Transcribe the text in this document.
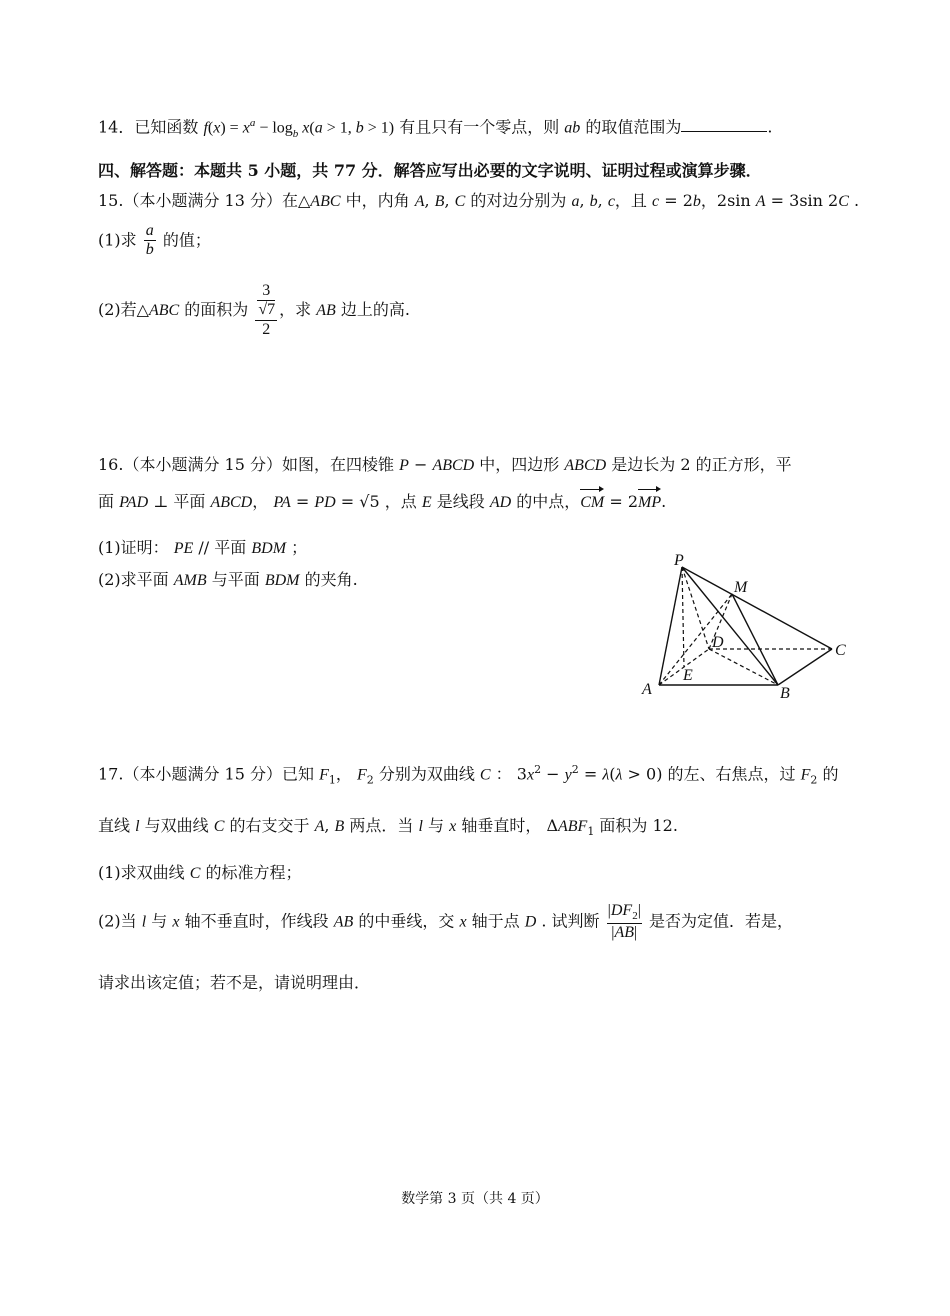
14．已知函数 $f(x) = x^a - \log_b x(a > 1$, b > 1) 有且只有一个零点，则 ab 的取值范围为	.
四、解答题：本题共 5 小题，共 77 分．解答应写出必要的文字说明、证明过程或演算步骤．
15.（本小题满分 13 分）在△ABC 中，内角 A, B, C 的对边分别为 a, b, c，且 c = 2b，2sin A = 3sin 2C .
(1)求 $\frac{a}{b}$ 的值；
(2)若△ABC 的面积为 3
√7
2 ，求 AB 边上的高.
16.（本小题满分 15 分）如图，在四棱锥 P − ABCD 中，四边形 ABCD 是边长为 2 的正方形，平
面 PAD ⊥ 平面 ABCD， PA = PD = √5 ，点 E 是线段 AD 的中点，CM = 2MP.
(1)证明： PE // 平面 BDM ；
(2)求平面 AMB 与平面 BDM 的夹角.
P
M
D	C
A
E
B
17.（本小题满分 15 分）已知 $F_1$， $F_2$ 分别为双曲线 C ： $3x^2 - y^2 = \lambda(\lambda > 0)$ 的左、右焦点，过 $F_2$ 的
直线 l 与双曲线 C 的右支交于 A, B 两点．当 l 与 x 轴垂直时， $\Delta ABF_1$ 面积为 12.
(1)求双曲线 C 的标准方程；
(2)当 l 与 x 轴不垂直时，作线段 AB 的中垂线，交 x 轴于点 D . 试判断 $\frac{|DF_2|}{|AB|}$ 是否为定值．若是，
请求出该定值；若不是，请说明理由．
数学第 3 页（共 4 页）
